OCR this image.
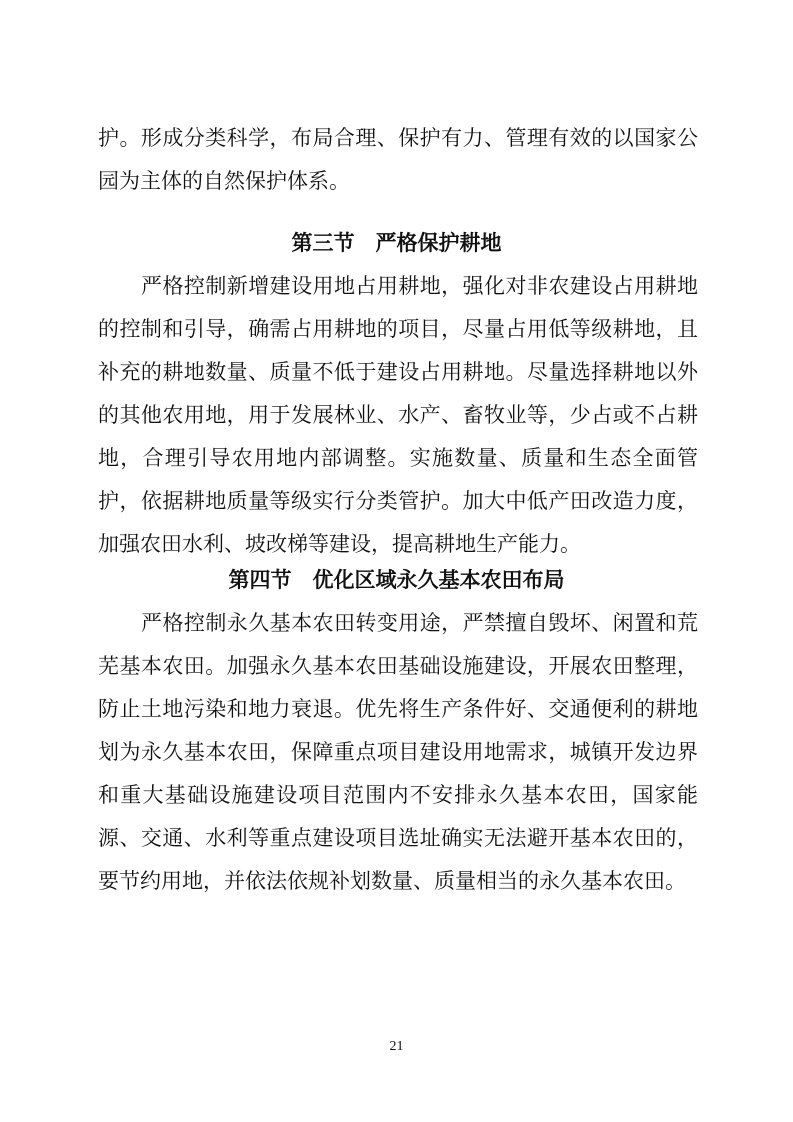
护。形成分类科学，布局合理、保护有力、管理有效的以国家公
园为主体的自然保护体系。
第三节　严格保护耕地
严格控制新增建设用地占用耕地，强化对非农建设占用耕地
的控制和引导，确需占用耕地的项目，尽量占用低等级耕地，且
补充的耕地数量、质量不低于建设占用耕地。尽量选择耕地以外
的其他农用地，用于发展林业、水产、畜牧业等，少占或不占耕
地，合理引导农用地内部调整。实施数量、质量和生态全面管
护，依据耕地质量等级实行分类管护。加大中低产田改造力度，
加强农田水利、坡改梯等建设，提高耕地生产能力。
第四节　优化区域永久基本农田布局
严格控制永久基本农田转变用途，严禁擅自毁坏、闲置和荒
芜基本农田。加强永久基本农田基础设施建设，开展农田整理，
防止土地污染和地力衰退。优先将生产条件好、交通便利的耕地
划为永久基本农田，保障重点项目建设用地需求，城镇开发边界
和重大基础设施建设项目范围内不安排永久基本农田，国家能
源、交通、水利等重点建设项目选址确实无法避开基本农田的，
要节约用地，并依法依规补划数量、质量相当的永久基本农田。
21
